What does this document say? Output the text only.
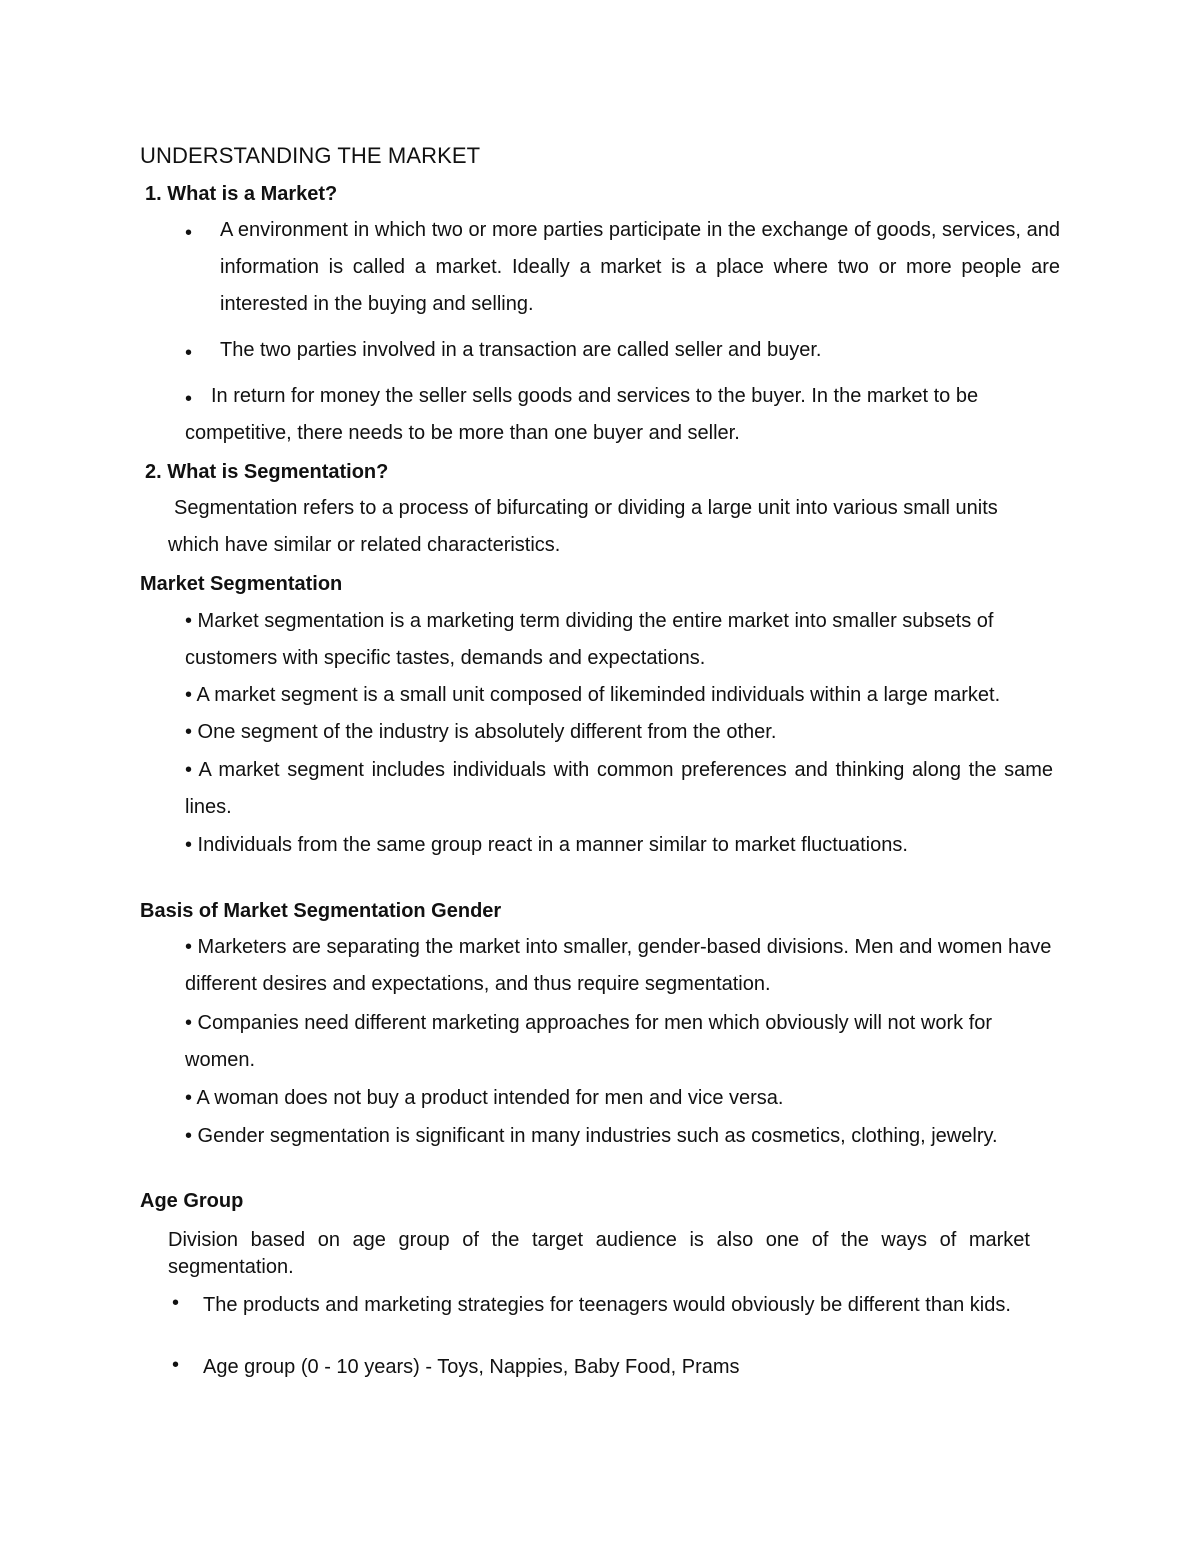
UNDERSTANDING THE MARKET
1. What is a Market?
• A environment in which two or more parties participate in the exchange of goods, services, and information is called a market. Ideally a market is a place where two or more people are interested in the buying and selling.
• The two parties involved in a transaction are called seller and buyer.
• In return for money the seller sells goods and services to the buyer. In the market to be competitive, there needs to be more than one buyer and seller.
2. What is Segmentation?
Segmentation refers to a process of bifurcating or dividing a large unit into various small units which have similar or related characteristics.
Market Segmentation
• Market segmentation is a marketing term dividing the entire market into smaller subsets of customers with specific tastes, demands and expectations.
• A market segment is a small unit composed of likeminded individuals within a large market.
• One segment of the industry is absolutely different from the other.
• A market segment includes individuals with common preferences and thinking along the same lines.
• Individuals from the same group react in a manner similar to market fluctuations.
Basis of Market Segmentation Gender
• Marketers are separating the market into smaller, gender-based divisions. Men and women have different desires and expectations, and thus require segmentation.
• Companies need different marketing approaches for men which obviously will not work for women.
• A woman does not buy a product intended for men and vice versa.
• Gender segmentation is significant in many industries such as cosmetics, clothing, jewelry.
Age Group
Division based on age group of the target audience is also one of the ways of market segmentation.
• The products and marketing strategies for teenagers would obviously be different than kids.
• Age group (0 - 10 years) - Toys, Nappies, Baby Food, Prams
